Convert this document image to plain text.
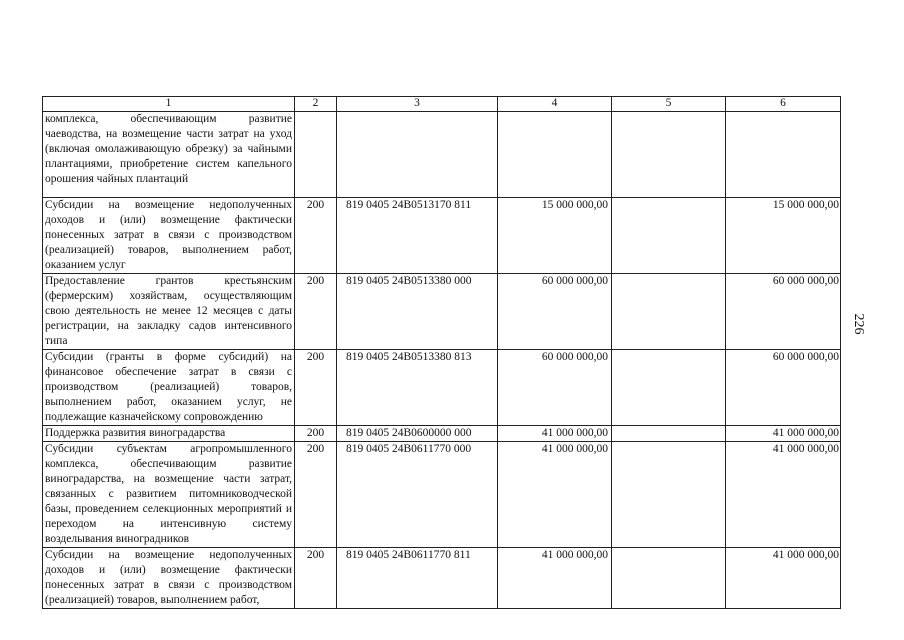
1	2	3	4	5	6
комплекса, обеспечивающим развитие чаеводства, на возмещение части затрат на уход (включая омолаживающую обрезку) за чайными плантациями, приобретение систем капельного орошения чайных плантаций					
Субсидии на возмещение недополученных доходов и (или) возмещение фактически понесенных затрат в связи с производством (реализацией) товаров, выполнением работ, оказанием услуг	200	819 0405 24В0513170 811	15 000 000,00		15 000 000,00
Предоставление грантов крестьянским (фермерским) хозяйствам, осуществляющим свою деятельность не менее 12 месяцев с даты регистрации, на закладку садов интенсивного типа	200	819 0405 24В0513380 000	60 000 000,00		60 000 000,00
Субсидии (гранты в форме субсидий) на финансовое обеспечение затрат в связи с производством (реализацией) товаров, выполнением работ, оказанием услуг, не подлежащие казначейскому сопровождению	200	819 0405 24В0513380 813	60 000 000,00		60 000 000,00
Поддержка развития виноградарства	200	819 0405 24В0600000 000	41 000 000,00		41 000 000,00
Субсидии субъектам агропромышленного комплекса, обеспечивающим развитие виноградарства, на возмещение части затрат, связанных с развитием питомниководческой базы, проведением селекционных мероприятий и переходом на интенсивную систему возделывания виноградников	200	819 0405 24В0611770 000	41 000 000,00		41 000 000,00
Субсидии на возмещение недополученных доходов и (или) возмещение фактически понесенных затрат в связи с производством (реализацией) товаров, выполнением работ,	200	819 0405 24В0611770 811	41 000 000,00		41 000 000,00
226
